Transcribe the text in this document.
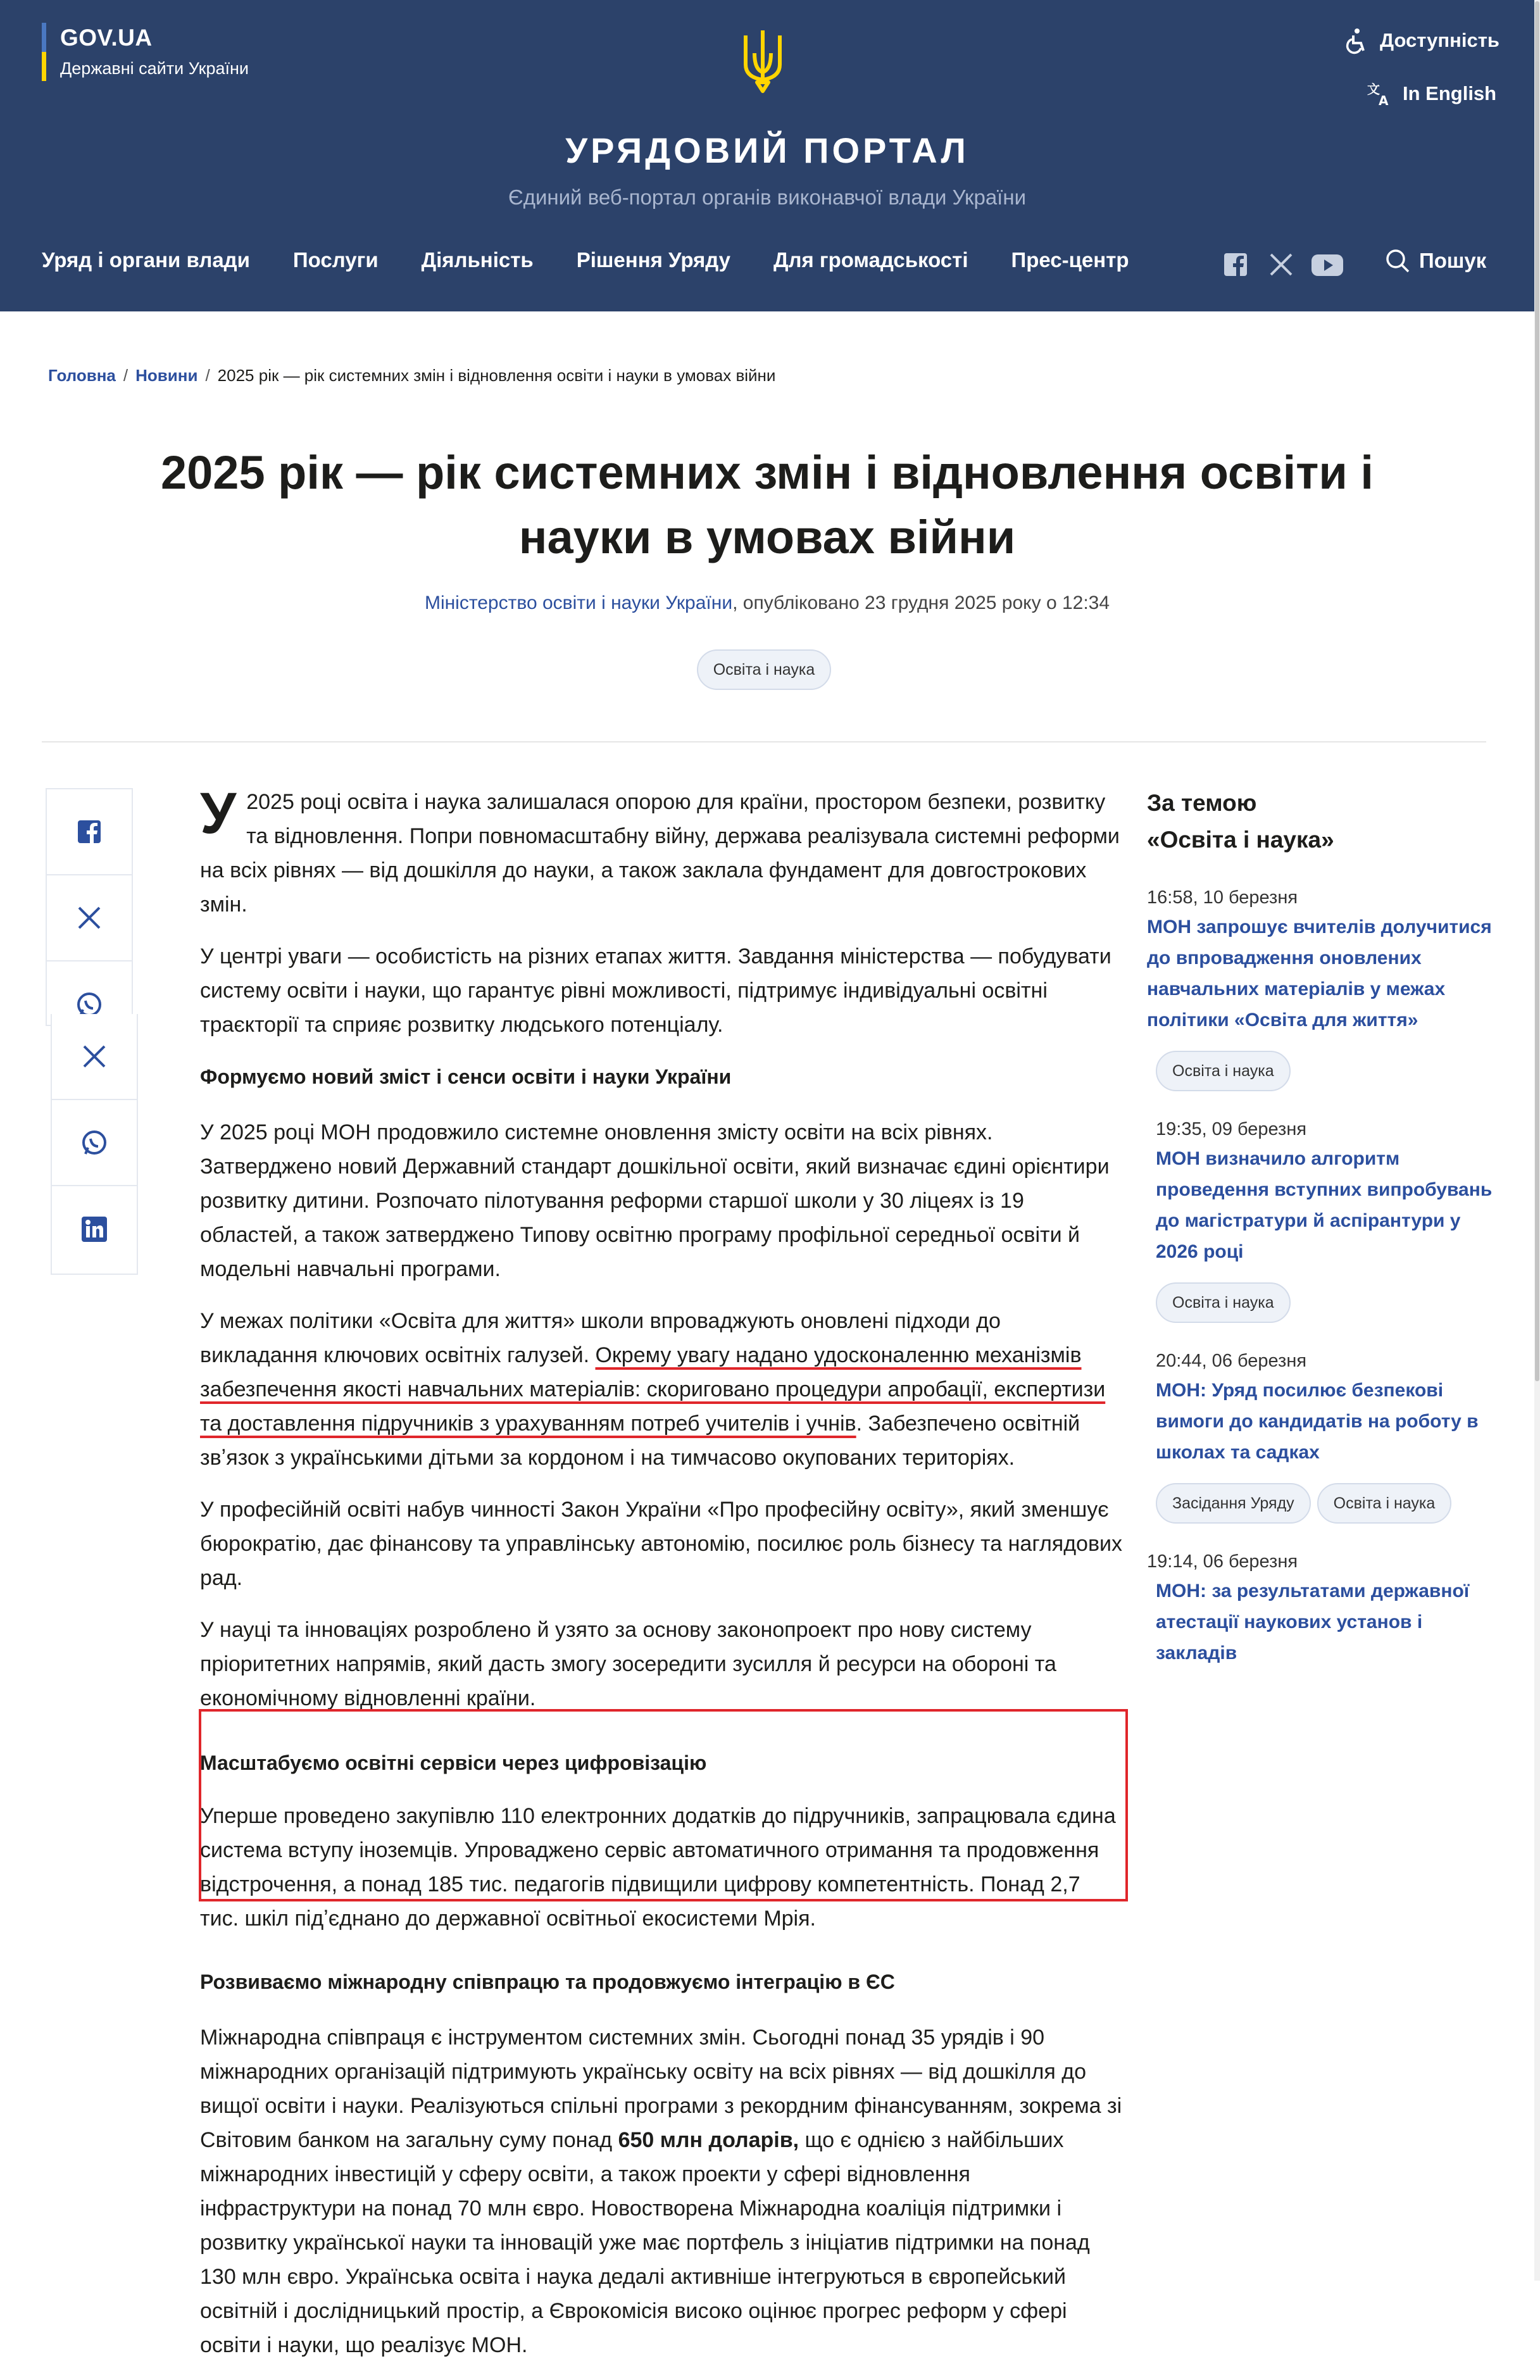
GOV.UA
Державні сайти України
Доступність
文
A In English
УРЯДОВИЙ ПОРТАЛ
Єдиний веб-портал органів виконавчої влади України
Уряд і органи влади Послуги Діяльність Рішення Уряду Для громадськості Прес-центр	Пошук
Головна / Новини / 2025 рік — рік системних змін і відновлення освіти і науки в умовах війни
2025 рік — рік системних змін і відновлення освіти і науки в умовах війни
Міністерство освіти і науки України, опубліковано 23 грудня 2025 року о 12:34
Освіта і наука

У 2025 році освіта і наука залишалася опорою для країни, простором безпеки, розвитку та відновлення. Попри повномасштабну війну, держава реалізувала системні реформи на всіх рівнях — від дошкілля до науки, а також заклала фундамент для довгострокових змін.

У центрі уваги — особистість на різних етапах життя. Завдання міністерства — побудувати систему освіти і науки, що гарантує рівні можливості, підтримує індивідуальні освітні траєкторії та сприяє розвитку людського потенціалу.

Формуємо новий зміст і сенси освіти і науки України

У 2025 році МОН продовжило системне оновлення змісту освіти на всіх рівнях. Затверджено новий Державний стандарт дошкільної освіти, який визначає єдині орієнтири розвитку дитини. Розпочато пілотування реформи старшої школи у 30 ліцеях із 19 областей, а також затверджено Типову освітню програму профільної середньої освіти й модельні навчальні програми.

У межах політики «Освіта для життя» школи впроваджують оновлені підходи до викладання ключових освітніх галузей. Окрему увагу надано удосконаленню механізмів забезпечення якості навчальних матеріалів: скориговано процедури апробації, експертизи та доставлення підручників з урахуванням потреб учителів і учнів. Забезпечено освітній звʼязок з українськими дітьми за кордоном і на тимчасово окупованих територіях.

У професійній освіті набув чинності Закон України «Про професійну освіту», який зменшує бюрократію, дає фінансову та управлінську автономію, посилює роль бізнесу та наглядових рад.

У науці та інноваціях розроблено й узято за основу законопроект про нову систему пріоритетних напрямів, який дасть змогу зосередити зусилля й ресурси на обороні та економічному відновленні країни.

Масштабуємо освітні сервіси через цифровізацію

Уперше проведено закупівлю 110 електронних додатків до підручників, запрацювала єдина система вступу іноземців. Упроваджено сервіс автоматичного отримання та продовження відстрочення, а понад 185 тис. педагогів підвищили цифрову компетентність. Понад 2,7 тис. шкіл підʼєднано до державної освітньої екосистеми Мрія.

Розвиваємо міжнародну співпрацю та продовжуємо інтеграцію в ЄС

Міжнародна співпраця є інструментом системних змін. Сьогодні понад 35 урядів і 90 міжнародних організацій підтримують українську освіту на всіх рівнях — від дошкілля до вищої освіти і науки. Реалізуються спільні програми з рекордним фінансуванням, зокрема зі Світовим банком на загальну суму понад 650 млн доларів, що є однією з найбільших міжнародних інвестицій у сферу освіти, а також проекти у сфері відновлення інфраструктури на понад 70 млн євро. Новостворена Міжнародна коаліція підтримки і розвитку української науки та інновацій уже має портфель з ініціатив підтримки на понад 130 млн євро. Українська освіта і наука дедалі активніше інтегруються в європейський освітній і дослідницький простір, а Єврокомісія високо оцінює прогрес реформ у сфері освіти і науки, що реалізує МОН.

За темою
«Освіта і наука»
16:58, 10 березня
МОН запрошує вчителів долучитися до впровадження оновлених навчальних матеріалів у межах політики «Освіта для життя»
Освіта і наука
19:35, 09 березня
МОН визначило алгоритм проведення вступних випробувань до магістратури й аспірантури у 2026 році
Освіта і наука
20:44, 06 березня
МОН: Уряд посилює безпекові вимоги до кандидатів на роботу в школах та садках
Засідання Уряду	Освіта і наука
19:14, 06 березня
МОН: за результатами державної атестації наукових установ і закладів
